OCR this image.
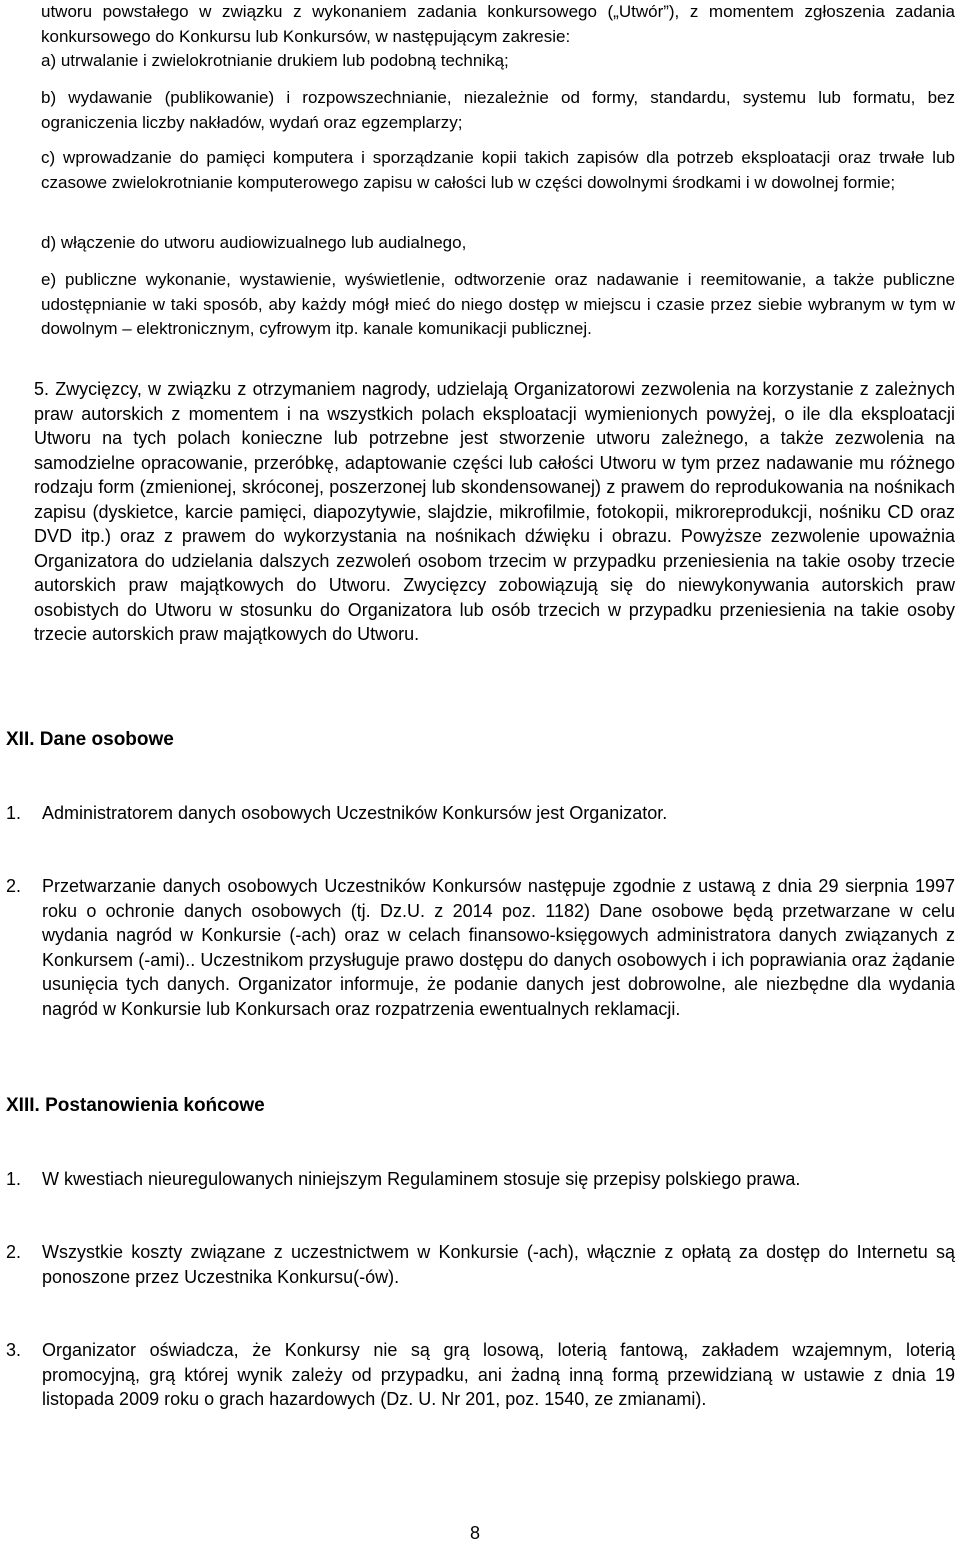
utworu powstałego w związku z wykonaniem zadania konkursowego („Utwór”), z momentem zgłoszenia zadania konkursowego do Konkursu lub Konkursów, w następującym zakresie:

a) utrwalanie i zwielokrotnianie drukiem lub podobną techniką;

b) wydawanie (publikowanie) i rozpowszechnianie, niezależnie od formy, standardu, systemu lub formatu, bez ograniczenia liczby nakładów, wydań oraz egzemplarzy;

c) wprowadzanie do pamięci komputera i sporządzanie kopii takich zapisów dla potrzeb eksploatacji oraz trwałe lub czasowe zwielokrotnianie komputerowego zapisu w całości lub w części dowolnymi środkami i w dowolnej formie;

d) włączenie do utworu audiowizualnego lub audialnego,

e) publiczne wykonanie, wystawienie, wyświetlenie, odtworzenie oraz nadawanie i reemitowanie, a także publiczne udostępnianie w taki sposób, aby każdy mógł mieć do niego dostęp w miejscu i czasie przez siebie wybranym w tym w dowolnym – elektronicznym, cyfrowym itp. kanale komunikacji publicznej.

5. Zwycięzcy, w związku z otrzymaniem nagrody, udzielają Organizatorowi zezwolenia na korzystanie z zależnych praw autorskich z momentem i na wszystkich polach eksploatacji wymienionych powyżej, o ile dla eksploatacji Utworu na tych polach konieczne lub potrzebne jest stworzenie utworu zależnego, a także zezwolenia na samodzielne opracowanie, przeróbkę, adaptowanie części lub całości Utworu w tym przez nadawanie mu różnego rodzaju form (zmienionej, skróconej, poszerzonej lub skondensowanej) z prawem do reprodukowania na nośnikach zapisu (dyskietce, karcie pamięci, diapozytywie, slajdzie, mikrofilmie, fotokopii, mikroreprodukcji, nośniku CD oraz DVD itp.) oraz z prawem do wykorzystania na nośnikach dźwięku i obrazu. Powyższe zezwolenie upoważnia Organizatora do udzielania dalszych zezwoleń osobom trzecim w przypadku przeniesienia na takie osoby trzecie autorskich praw majątkowych do Utworu. Zwycięzcy zobowiązują się do niewykonywania autorskich praw osobistych do Utworu w stosunku do Organizatora lub osób trzecich w przypadku przeniesienia na takie osoby trzecie autorskich praw majątkowych do Utworu.

XII. Dane osobowe
1. Administratorem danych osobowych Uczestników Konkursów jest Organizator.

2. Przetwarzanie danych osobowych Uczestników Konkursów następuje zgodnie z ustawą z dnia 29 sierpnia 1997 roku o ochronie danych osobowych (tj. Dz.U. z 2014 poz. 1182) Dane osobowe będą przetwarzane w celu wydania nagród w Konkursie (-ach) oraz w celach finansowo-księgowych administratora danych związanych z Konkursem (-ami).. Uczestnikom przysługuje prawo dostępu do danych osobowych i ich poprawiania oraz żądanie usunięcia tych danych. Organizator informuje, że podanie danych jest dobrowolne, ale niezbędne dla wydania nagród w Konkursie lub Konkursach oraz rozpatrzenia ewentualnych reklamacji.

XIII. Postanowienia końcowe
1. W kwestiach nieuregulowanych niniejszym Regulaminem stosuje się przepisy polskiego prawa.

2. Wszystkie koszty związane z uczestnictwem w Konkursie (-ach), włącznie z opłatą za dostęp do Internetu są ponoszone przez Uczestnika Konkursu(-ów).

3. Organizator oświadcza, że Konkursy nie są grą losową, loterią fantową, zakładem wzajemnym, loterią promocyjną, grą której wynik zależy od przypadku, ani żadną inną formą przewidzianą w ustawie z dnia 19 listopada 2009 roku o grach hazardowych (Dz. U. Nr 201, poz. 1540, ze zmianami).

8
